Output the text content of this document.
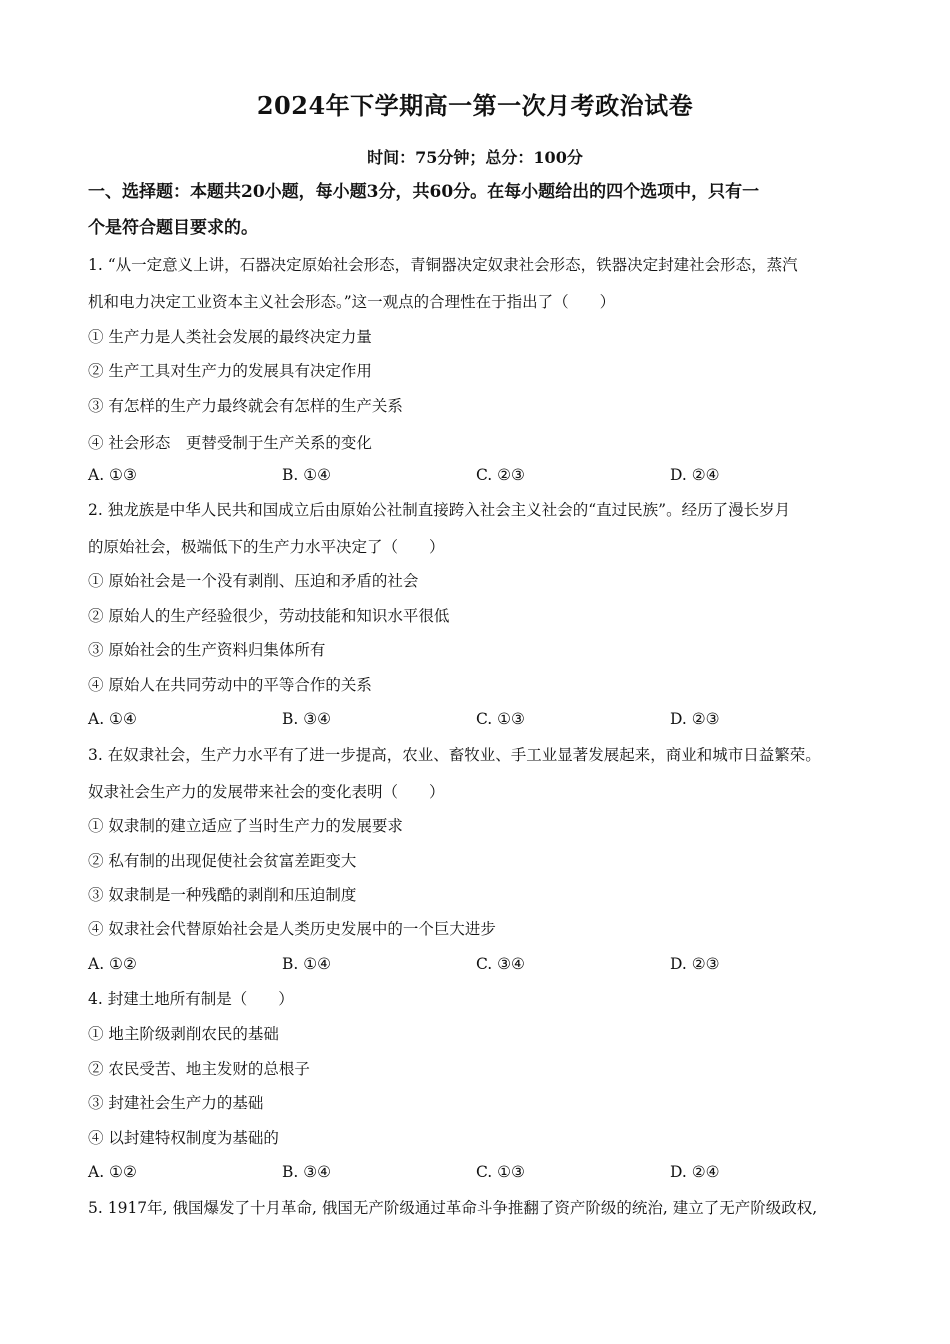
2024年下学期高一第一次月考政治试卷
时间：75分钟；总分：100分
一、选择题：本题共20小题，每小题3分，共60分。在每小题给出的四个选项中，只有一
个是符合题目要求的。
1. “从一定意义上讲，石器决定原始社会形态，青铜器决定奴隶社会形态，铁器决定封建社会形态，蒸汽
机和电力决定工业资本主义社会形态。”这一观点的合理性在于指出了（　　）
① 生产力是人类社会发展的最终决定力量
② 生产工具对生产力的发展具有决定作用
③ 有怎样的生产力最终就会有怎样的生产关系
④ 社会形态　更替受制于生产关系的变化
A. ①③	B. ①④	C. ②③	D. ②④
2. 独龙族是中华人民共和国成立后由原始公社制直接跨入社会主义社会的“直过民族”。经历了漫长岁月
的原始社会，极端低下的生产力水平决定了（　　）
① 原始社会是一个没有剥削、压迫和矛盾的社会
② 原始人的生产经验很少，劳动技能和知识水平很低
③ 原始社会的生产资料归集体所有
④ 原始人在共同劳动中的平等合作的关系
A. ①④	B. ③④	C. ①③	D. ②③
3. 在奴隶社会，生产力水平有了进一步提高，农业、畜牧业、手工业显著发展起来，商业和城市日益繁荣。
奴隶社会生产力的发展带来社会的变化表明（　　）
① 奴隶制的建立适应了当时生产力的发展要求
② 私有制的出现促使社会贫富差距变大
③ 奴隶制是一种残酷的剥削和压迫制度
④ 奴隶社会代替原始社会是人类历史发展中的一个巨大进步
A. ①②	B. ①④	C. ③④	D. ②③
4. 封建土地所有制是（　　）
① 地主阶级剥削农民的基础
② 农民受苦、地主发财的总根子
③ 封建社会生产力的基础
④ 以封建特权制度为基础的
A. ①②	B. ③④	C. ①③	D. ②④
5. 1917年, 俄国爆发了十月革命, 俄国无产阶级通过革命斗争推翻了资产阶级的统治, 建立了无产阶级政权,
